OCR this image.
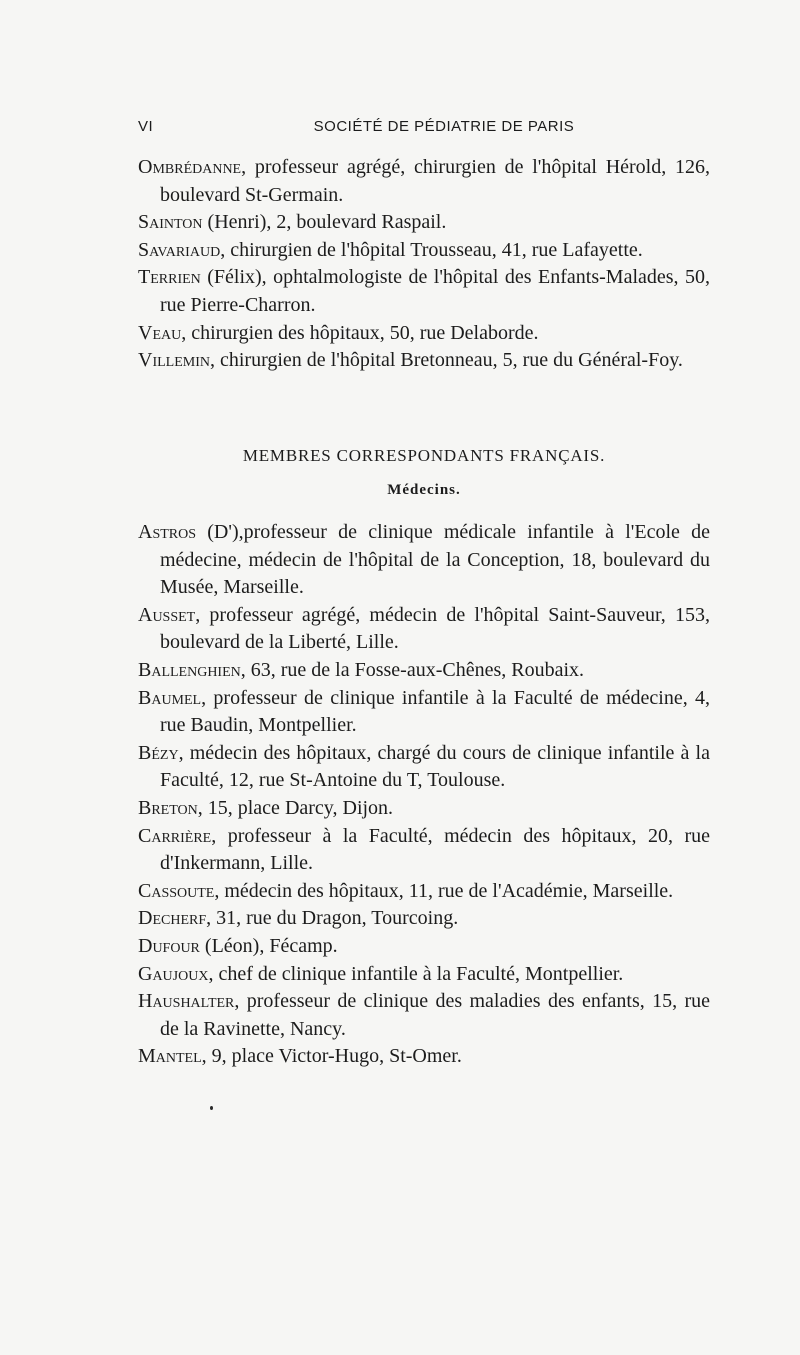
VI	SOCIÉTÉ DE PÉDIATRIE DE PARIS

Ombrédanne, professeur agrégé, chirurgien de l'hôpital Hérold, 126, boulevard St-Germain.

Sainton (Henri), 2, boulevard Raspail.

Savariaud, chirurgien de l'hôpital Trousseau, 41, rue Lafayette.

Terrien (Félix), ophtalmologiste de l'hôpital des Enfants-Malades, 50, rue Pierre-Charron.

Veau, chirurgien des hôpitaux, 50, rue Delaborde.

Villemin, chirurgien de l'hôpital Bretonneau, 5, rue du Général-Foy.

MEMBRES CORRESPONDANTS FRANÇAIS.
Médecins.

Astros (D'),professeur de clinique médicale infantile à l'Ecole de médecine, médecin de l'hôpital de la Conception, 18, boulevard du Musée, Marseille.

Ausset, professeur agrégé, médecin de l'hôpital Saint-Sauveur, 153, boulevard de la Liberté, Lille.

Ballenghien, 63, rue de la Fosse-aux-Chênes, Roubaix.

Baumel, professeur de clinique infantile à la Faculté de médecine, 4, rue Baudin, Montpellier.

Bézy, médecin des hôpitaux, chargé du cours de clinique infantile à la Faculté, 12, rue St-Antoine du T, Toulouse.

Breton, 15, place Darcy, Dijon.

Carrière, professeur à la Faculté, médecin des hôpitaux, 20, rue d'Inkermann, Lille.

Cassoute, médecin des hôpitaux, 11, rue de l'Académie, Marseille.

Decherf, 31, rue du Dragon, Tourcoing.

Dufour (Léon), Fécamp.

Gaujoux, chef de clinique infantile à la Faculté, Montpellier.

Haushalter, professeur de clinique des maladies des enfants, 15, rue de la Ravinette, Nancy.

Mantel, 9, place Victor-Hugo, St-Omer.
